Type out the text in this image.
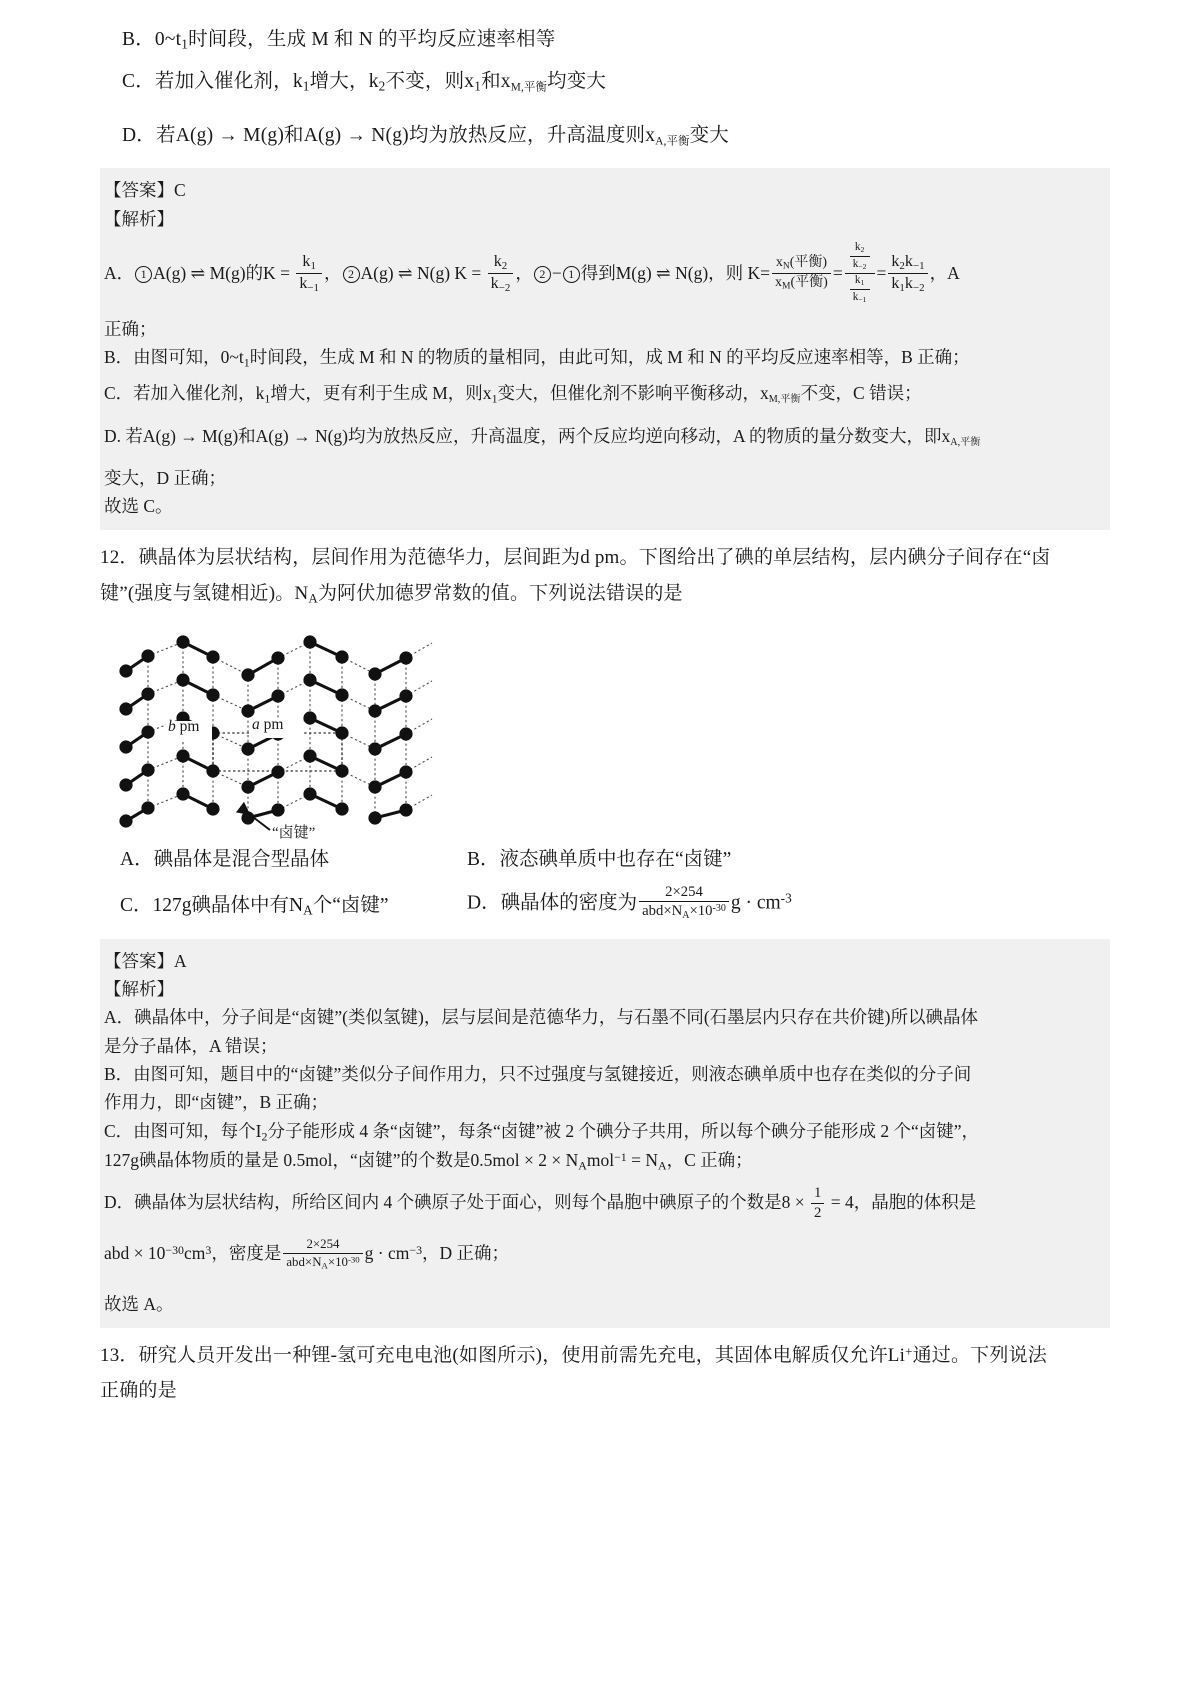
B．$0\sim t_1$时间段，生成 M 和 N 的平均反应速率相等
C．若加入催化剂，$k_1$增大，$k_2$不变，则$x_1$和$x_{M,平衡}$均变大
D．若A(g) → M(g)和A(g) → N(g)均为放热反应，升高温度则$x_{A,平衡}$变大
【答案】C
【解析】
A． 1 A(g) ⇌ M(g)的$K = \frac{k_1}{k_{-1}}$ ， 2 A(g) ⇌ N(g) $K = \frac{k_2}{k_{-2}}$ ， 2 − 1 得到M(g) ⇌ N(g)，则 $K= \frac{x_N(平衡)}{x_M(平衡)} = \frac{\frac{k_2}{k_{-2}}}{\frac{k_1}{k_{-1}}} = \frac{k_2k_{-1}}{k_1k_{-2}}$ ，A
正确；
B．由图可知，$0\sim t_1$时间段，生成 M 和 N 的物质的量相同，由此可知，成 M 和 N 的平均反应速率相等，B 正确；
C．若加入催化剂，$k_1$增大，更有利于生成 M，则$x_1$变大，但催化剂不影响平衡移动，$x_{M,平衡}$不变，C 错误；
D. 若A(g) → M(g)和A(g) → N(g)均为放热反应，升高温度，两个反应均逆向移动，A 的物质的量分数变大，即$x_{A,平衡}$
变大，D 正确；
故选 C。
12．碘晶体为层状结构，层间作用为范德华力，层间距为d pm。下图给出了碘的单层结构，层内碘分子间存在“卤
键”(强度与氢键相近)。$N_A$为阿伏加德罗常数的值。下列说法错误的是
b pm	a pm
“卤键”
A．碘晶体是混合型晶体	B．液态碘单质中也存在“卤键”
C．127g碘晶体中有$N_A$个“卤键”	D．碘晶体的密度为 $\frac{2\times 254}{abd\times N_A\times 10^{-30}}$ $g \cdot cm^{-3}$
【答案】A
【解析】
A．碘晶体中，分子间是“卤键”(类似氢键)，层与层间是范德华力，与石墨不同(石墨层内只存在共价键)所以碘晶体
是分子晶体，A 错误；
B．由图可知，题目中的“卤键”类似分子间作用力，只不过强度与氢键接近，则液态碘单质中也存在类似的分子间
作用力，即“卤键”，B 正确；
C．由图可知，每个$I_2$分子能形成 4 条“卤键”，每条“卤键”被 2 个碘分子共用，所以每个碘分子能形成 2 个“卤键”，
127g碘晶体物质的量是 0.5mol，“卤键”的个数是$0.5mol \times 2 \times N_Amol^{-1} = N_A$，C 正确；
D．碘晶体为层状结构，所给区间内 4 个碘原子处于面心，则每个晶胞中碘原子的个数是$8 \times \frac{1}{2} = 4$，晶胞的体积是
abd × $10^{-30}cm^3$，密度是 $\frac{2\times 254}{abd\times N_A\times 10^{-30}}$ $g \cdot cm^{-3}$，D 正确；
故选 A。
13．研究人员开发出一种锂-氢可充电电池(如图所示)，使用前需先充电，其固体电解质仅允许Li+通过。下列说法
正确的是
